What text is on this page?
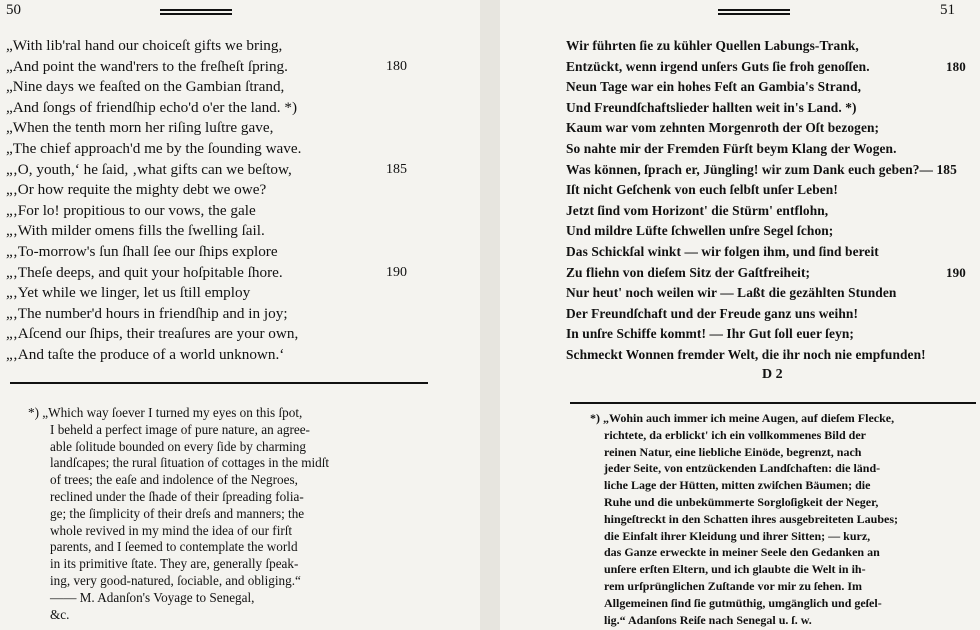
50
„With lib'ral hand our choiceſt gifts we bring,
„And point the wand'rers to the freſheſt ſpring.	180
„Nine days we feaſted on the Gambian ſtrand,
„And ſongs of friendſhip echo'd o'er the land. *)
„When the tenth morn her riſing luſtre gave,
„The chief approach'd me by the ſounding wave.
„‚O, youth,‘ he ſaid, ‚what gifts can we beſtow,	185
„‚Or how requite the mighty debt we owe?
„‚For lo! propitious to our vows, the gale
„‚With milder omens fills the ſwelling ſail.
„‚To-morrow's ſun ſhall ſee our ſhips explore
„‚Theſe deeps, and quit your hoſpitable ſhore.	190
„‚Yet while we linger, let us ſtill employ
„‚The number'd hours in friendſhip and in joy;
„‚Aſcend our ſhips, their treaſures are your own,
„‚And taſte the produce of a world unknown.‘
*) „Which way ſoever I turned my eyes on this ſpot,
I beheld a perfect image of pure nature, an agree-
able ſolitude bounded on every ſide by charming
landſcapes; the rural ſituation of cottages in the midſt
of trees; the eaſe and indolence of the Negroes,
reclined under the ſhade of their ſpreading folia-
ge; the ſimplicity of their dreſs and manners; the
whole revived in my mind the idea of our firſt
parents, and I ſeemed to contemplate the world
in its primitive ſtate. They are, generally ſpeak-
ing, very good-natured, ſociable, and obliging.“
—— M. Adanſon's Voyage to Senegal,
&c.
51
Wir führten ſie zu kühler Quellen Labungs-Trank,
Entzückt, wenn irgend unſers Guts ſie froh genoſſen.	180
Neun Tage war ein hohes Feſt an Gambia's Strand,
Und Freundſchaftslieder hallten weit in's Land. *)
Kaum war vom zehnten Morgenroth der Oſt bezogen;
So nahte mir der Fremden Fürſt beym Klang der Wogen.
Was können, ſprach er, Jüngling! wir zum Dank euch geben?— 185
Iſt nicht Geſchenk von euch ſelbſt unſer Leben!
Jetzt ſind vom Horizont' die Stürm' entflohn,
Und mildre Lüfte ſchwellen unſre Segel ſchon;
Das Schickſal winkt — wir folgen ihm, und ſind bereit
Zu fliehn von dieſem Sitz der Gaſtfreiheit;	190
Nur heut' noch weilen wir — Laßt die gezählten Stunden
Der Freundſchaft und der Freude ganz uns weihn!
In unſre Schiffe kommt! — Ihr Gut ſoll euer ſeyn;
Schmeckt Wonnen fremder Welt, die ihr noch nie empfunden!
D 2
*) „Wohin auch immer ich meine Augen, auf dieſem Flecke,
richtete, da erblickt' ich ein vollkommenes Bild der
reinen Natur, eine liebliche Einöde, begrenzt, nach
jeder Seite, von entzückenden Landſchaften: die länd-
liche Lage der Hütten, mitten zwiſchen Bäumen; die
Ruhe und die unbekümmerte Sorgloſigkeit der Neger,
hingeſtreckt in den Schatten ihres ausgebreiteten Laubes;
die Einfalt ihrer Kleidung und ihrer Sitten; — kurz,
das Ganze erweckte in meiner Seele den Gedanken an
unſere erſten Eltern, und ich glaubte die Welt in ih-
rem urſprünglichen Zuſtande vor mir zu ſehen. Im
Allgemeinen ſind ſie gutmüthig, umgänglich und geſel-
lig.“ Adanſons Reiſe nach Senegal u. ſ. w.
